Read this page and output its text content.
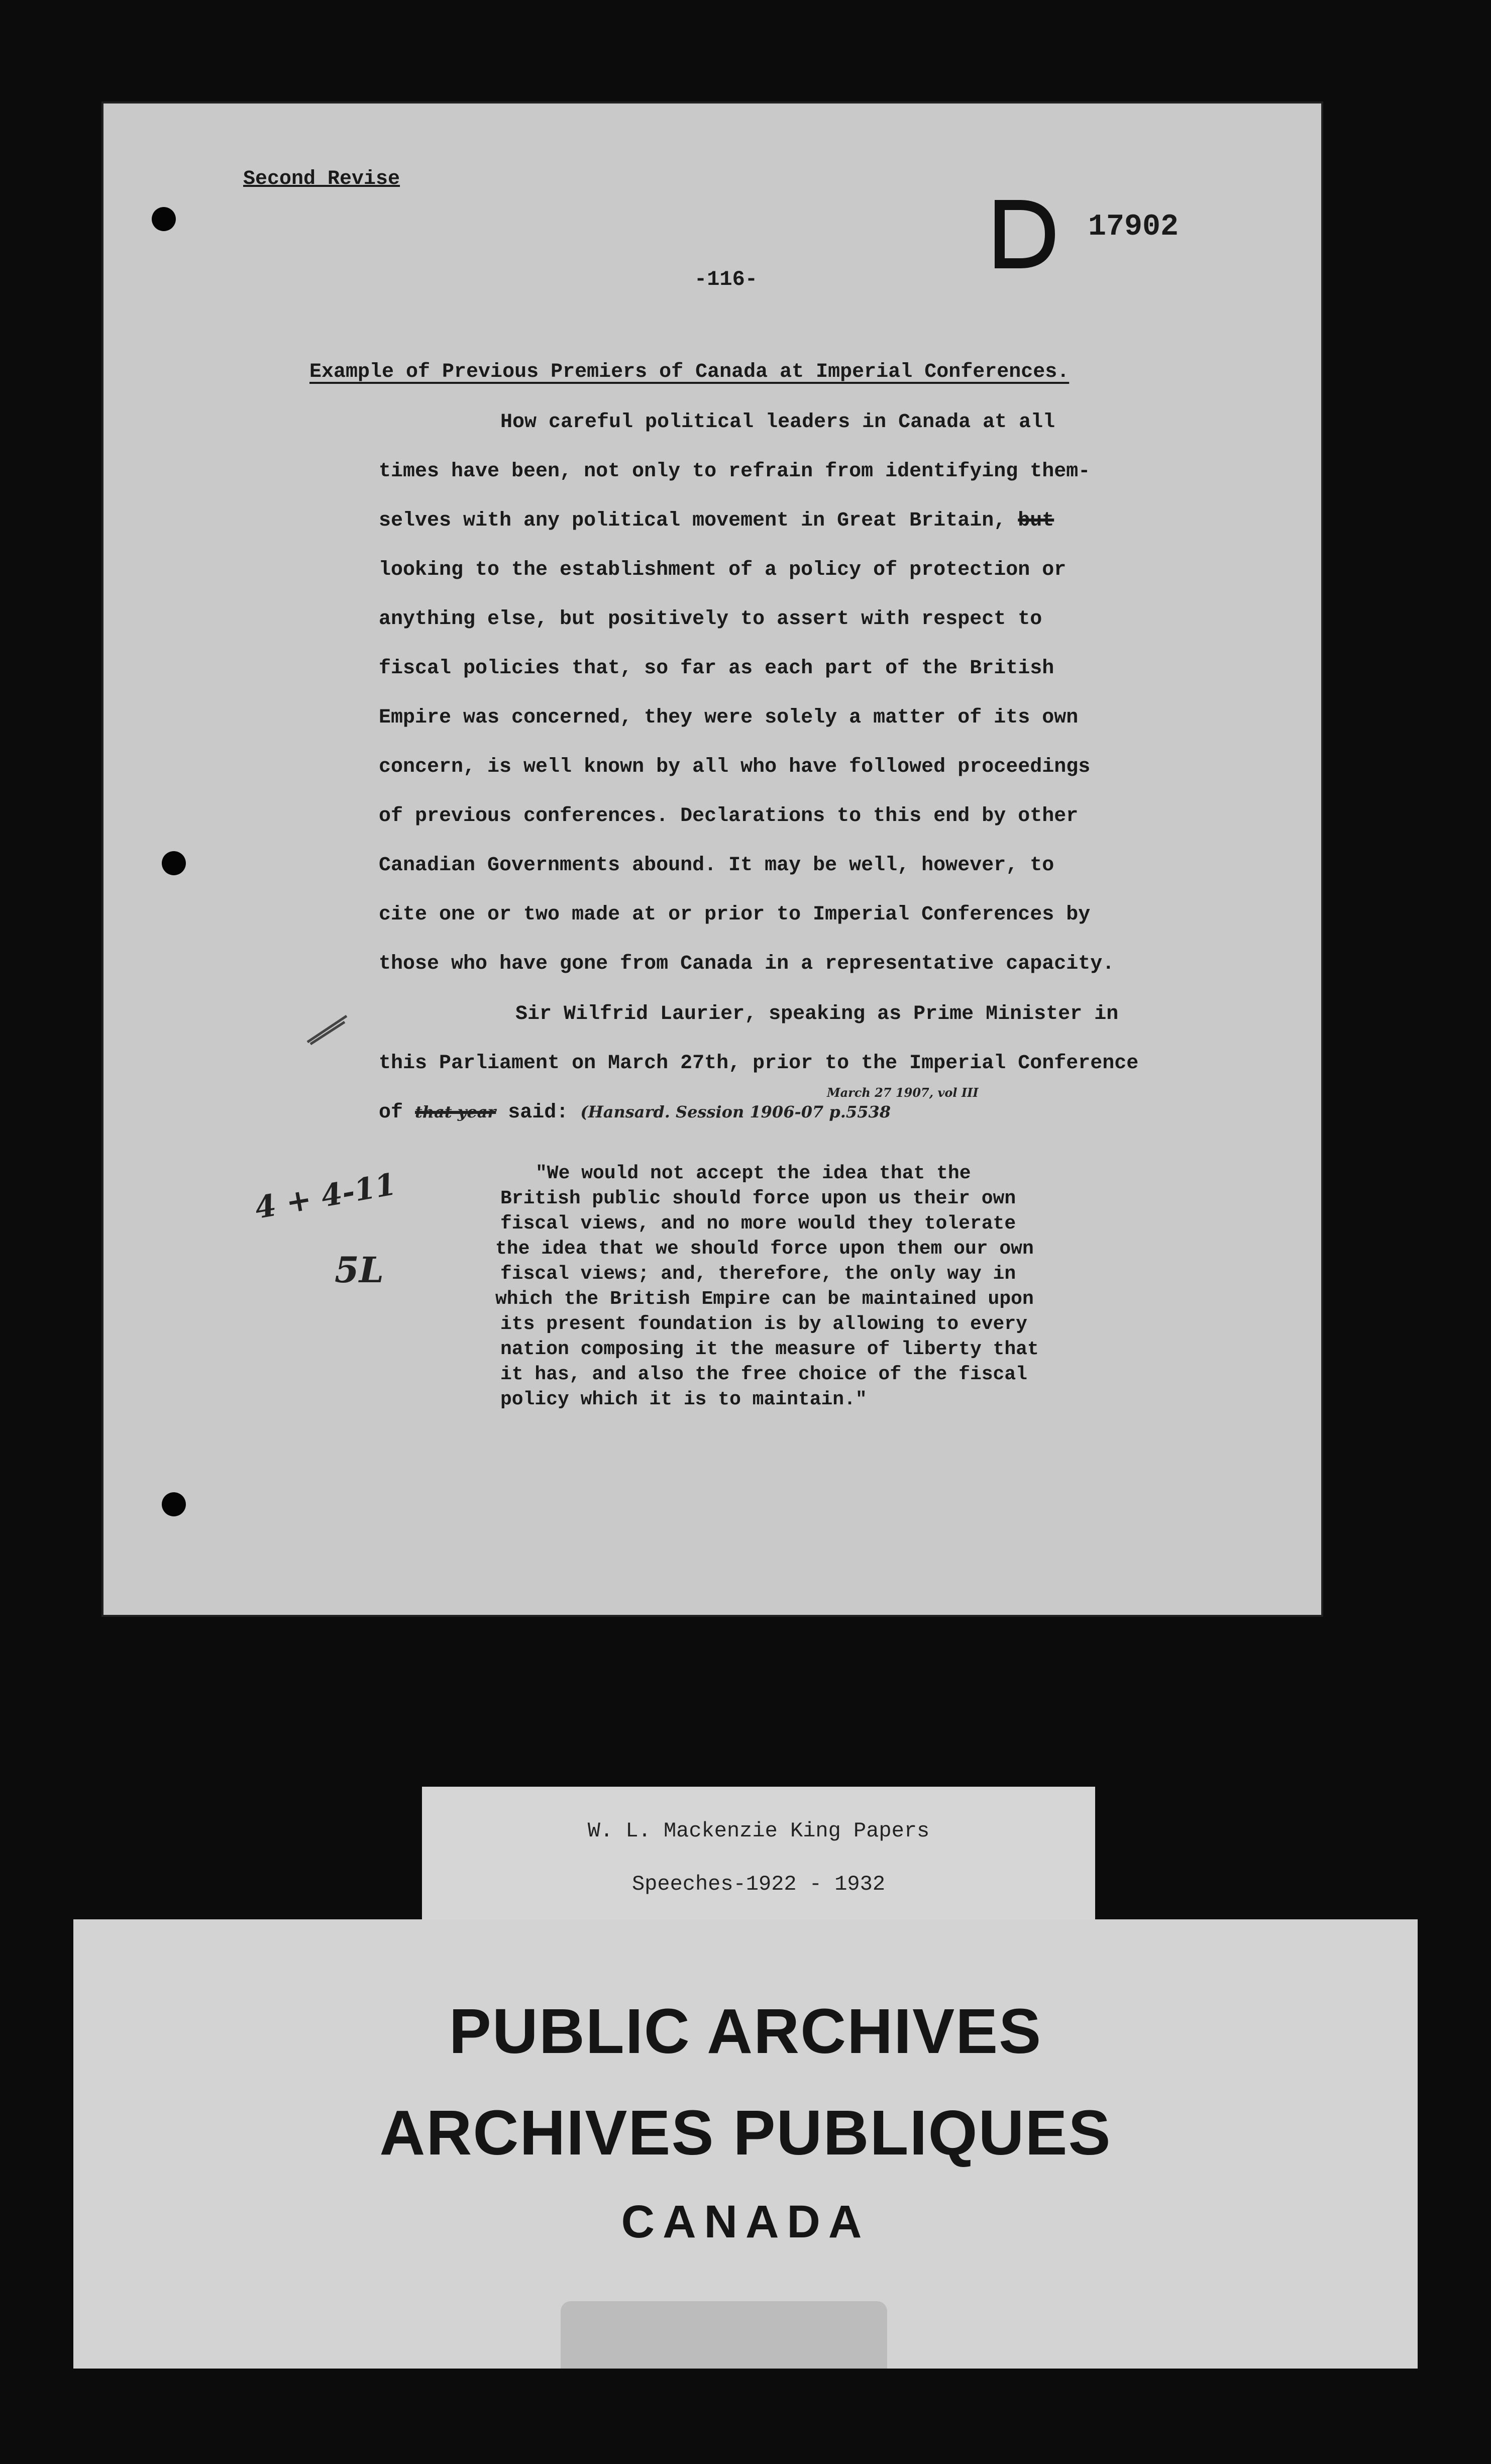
Second Revise
17902
-116-
Example of Previous Premiers of Canada at Imperial Conferences.
How careful political leaders in Canada at all
times have been, not only to refrain from identifying them-
selves with any political movement in Great Britain, but
looking to the establishment of a policy of protection or
anything else, but positively to assert with respect to
fiscal policies that, so far as each part of the British
Empire was concerned, they were solely a matter of its own
concern, is well known by all who have followed proceedings
of previous conferences. Declarations to this end by other
Canadian Governments abound. It may be well, however, to
cite one or two made at or prior to Imperial Conferences by
those who have gone from Canada in a representative capacity.
Sir Wilfrid Laurier, speaking as Prime Minister in
this Parliament on March 27th, prior to the Imperial Conference
of that year said: (Hansard. Session 1906-07 p.5538
March 27 1907, vol III
"We would not accept the idea that the
British public should force upon us their own
fiscal views, and no more would they tolerate
the idea that we should force upon them our own
fiscal views; and, therefore, the only way in
which the British Empire can be maintained upon
its present foundation is by allowing to every
nation composing it the measure of liberty that
it has, and also the free choice of the fiscal
policy which it is to maintain."
4 + 4-11
5L
W. L. Mackenzie King Papers
Speeches-1922 - 1932
PUBLIC ARCHIVES
ARCHIVES PUBLIQUES
CANADA
